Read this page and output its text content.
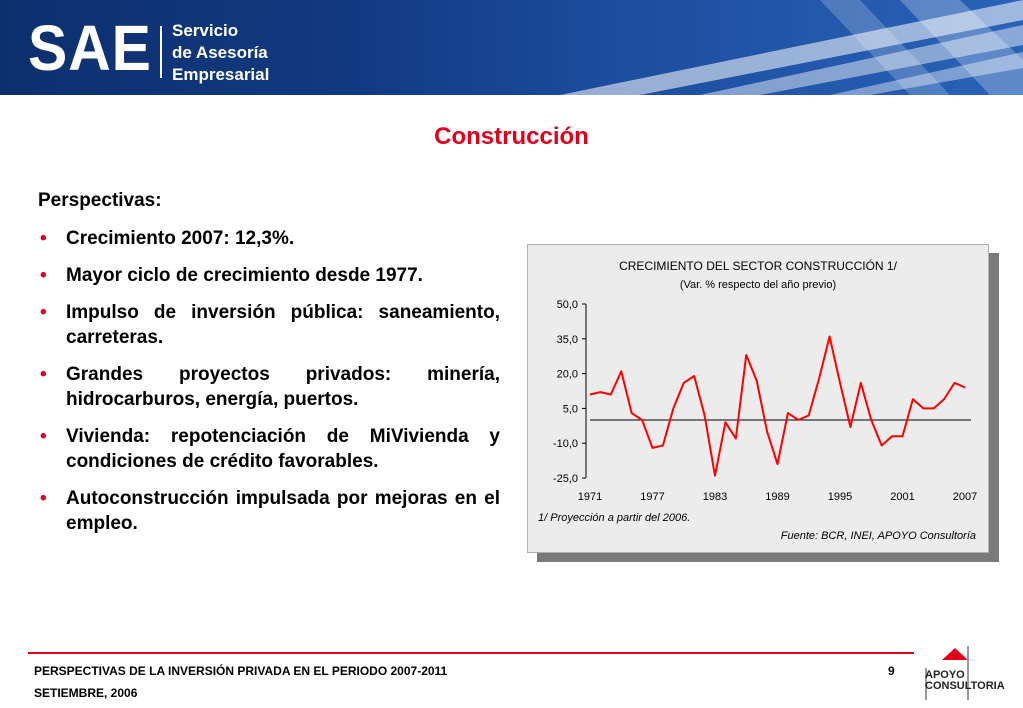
SAE Servicio
de Asesoría
Empresarial
Construcción
Perspectivas:
• Crecimiento 2007: 12,3%.
• Mayor ciclo de crecimiento desde 1977.
• Impulso de inversión pública: saneamiento, carreteras.
• Grandes proyectos privados: minería, hidrocarburos, energía, puertos.
• Vivienda: repotenciación de MiVivienda y condiciones de crédito favorables.
• Autoconstrucción impulsada por mejoras en el empleo.
CRECIMIENTO DEL SECTOR CONSTRUCCIÓN 1/
(Var. % respecto del año previo)
50,0
35,0
20,0
5,0
-10,0
-25,0
1971	1977	1983	1989	1995	2001	2007
1/ Proyección a partir del 2006.
Fuente: BCR, INEI, APOYO Consultoría
PERSPECTIVAS DE LA INVERSIÓN PRIVADA EN EL PERIODO 2007-2011
SETIEMBRE, 2006
9	APOYO
CONSULTORIA
